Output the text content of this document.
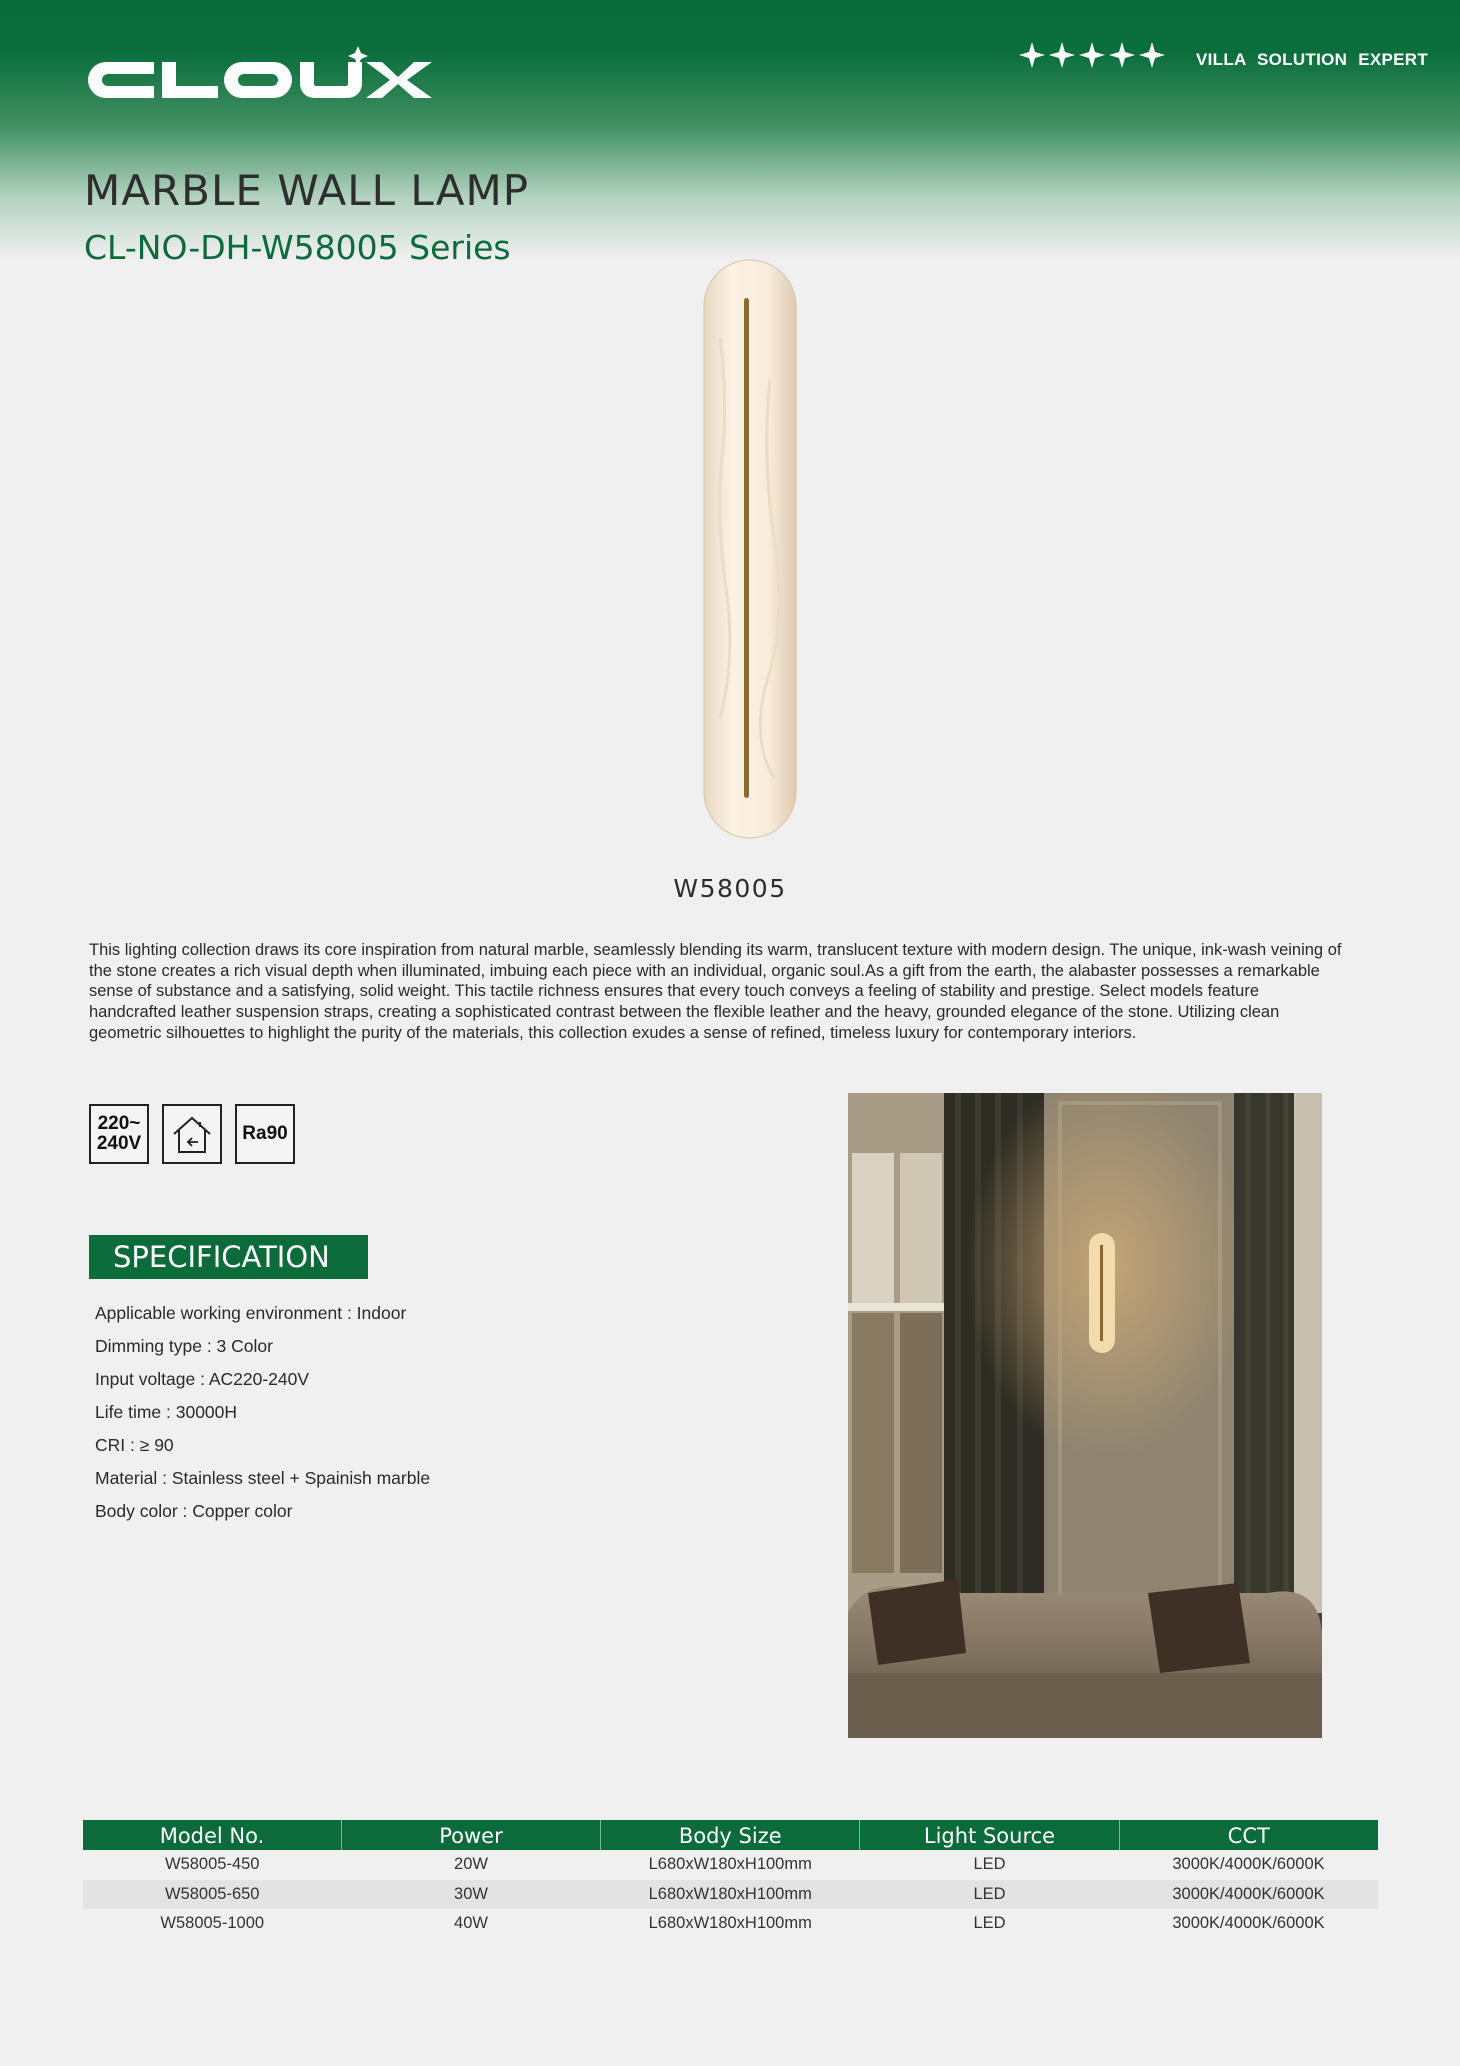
VILLA SOLUTION EXPERT
MARBLE WALL LAMP
CL-NO-DH-W58005 Series
W58005

This lighting collection draws its core inspiration from natural marble, seamlessly blending its warm, translucent texture with modern design. The unique, ink-wash veining of the stone creates a rich visual depth when illuminated, imbuing each piece with an individual, organic soul.As a gift from the earth, the alabaster possesses a remarkable sense of substance and a satisfying, solid weight. This tactile richness ensures that every touch conveys a feeling of stability and prestige. Select models feature handcrafted leather suspension straps, creating a sophisticated contrast between the flexible leather and the heavy, grounded elegance of the stone. Utilizing clean geometric silhouettes to highlight the purity of the materials, this collection exudes a sense of refined, timeless luxury for contemporary interiors.

220~
240V	Ra90
SPECIFICATION
Applicable working environment : Indoor
Dimming type : 3 Color
Input voltage : AC220-240V
Life time : 30000H
CRI : ≥ 90
Material : Stainless steel + Spainish marble
Body color : Copper color
Model No.	Power	Body Size	Light Source	CCT
W58005-450	20W	L680xW180xH100mm	LED	3000K/4000K/6000K
W58005-650	30W	L680xW180xH100mm	LED	3000K/4000K/6000K
W58005-1000	40W	L680xW180xH100mm	LED	3000K/4000K/6000K
